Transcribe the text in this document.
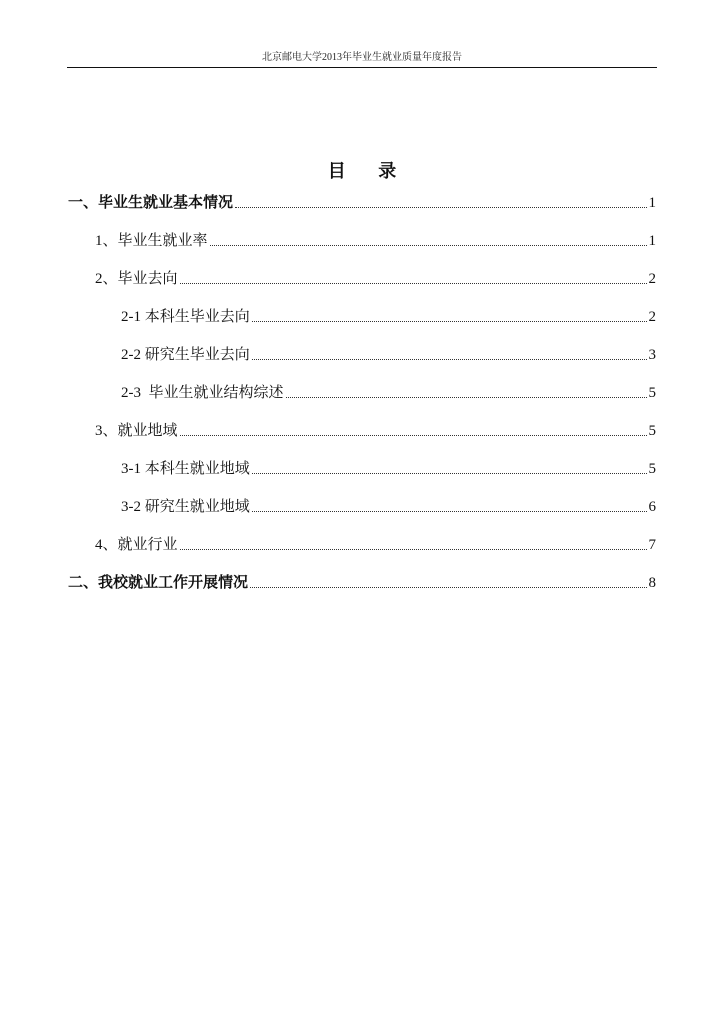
北京邮电大学2013年毕业生就业质量年度报告
目 录
一、毕业生就业基本情况	1
1、毕业生就业率	1
2、毕业去向	2
2-1 本科生毕业去向	2
2-2 研究生毕业去向	3
2-3  毕业生就业结构综述	5
3、就业地域	5
3-1 本科生就业地域	5
3-2 研究生就业地域	6
4、就业行业	7
二、我校就业工作开展情况	8
